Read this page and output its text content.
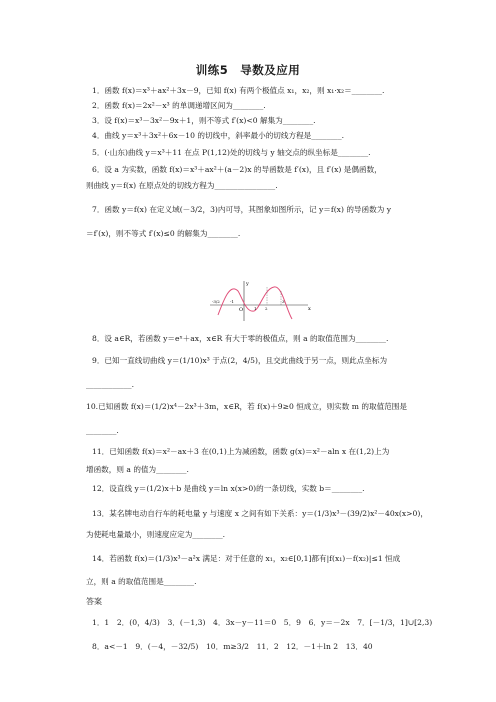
训练5　导数及应用
1．函数 f(x)＝x³＋ax²＋3x－9，已知 f(x) 有两个极值点 x₁，x₂，则 x₁·x₂＝________.
2．函数 f(x)＝2x²－x³ 的单调递增区间为________.
3．设 f(x)＝x³－3x²－9x＋1，则不等式 f′(x)<0 解集为________.
4．曲线 y＝x³＋3x²＋6x－10 的切线中，斜率最小的切线方程是________.
5．(·山东)曲线 y＝x³＋11 在点 P(1,12)处的切线与 y 轴交点的纵坐标是________.
6．设 a 为实数，函数 f(x)＝x³＋ax²＋(a－2)x 的导函数是 f′(x)，且 f′(x) 是偶函数，
则曲线 y＝f(x) 在原点处的切线方程为________________.
7．函数 y＝f(x) 在定义域(－3/2，3)内可导，其图象如图所示，记 y＝f(x) 的导函数为 y
＝f′(x)，则不等式 f′(x)≤0 的解集为________.
x
y
O
-3/2	-1
1 2
3
8．设 a∈R，若函数 y＝eˣ＋ax，x∈R 有大于零的极值点，则 a 的取值范围为________.
9．已知一直线切曲线 y＝(1/10)x³ 于点(2，4/5)，且交此曲线于另一点，则此点坐标为
____________.
10.已知函数 f(x)＝(1/2)x⁴－2x³＋3m，x∈R，若 f(x)＋9≥0 恒成立，则实数 m 的取值范围是
________.
11．已知函数 f(x)＝x²－ax＋3 在(0,1)上为减函数，函数 g(x)＝x²－aln x 在(1,2)上为
增函数，则 a 的值为________.
12．设直线 y＝(1/2)x＋b 是曲线 y＝ln x(x>0)的一条切线，实数 b＝________.
13．某名牌电动自行车的耗电量 y 与速度 x 之间有如下关系：y＝(1/3)x³－(39/2)x²－40x(x>0)，
为使耗电量最小，则速度应定为________.
14．若函数 f(x)＝(1/3)x³－a²x 满足：对于任意的 x₁，x₂∈[0,1]都有|f(x₁)－f(x₂)|≤1 恒成
立，则 a 的取值范围是________.
答案
1．1　2．(0，4/3)　3．(－1,3)　4．3x－y－11＝0　5．9　6．y＝－2x　7．[－1/3，1]∪[2,3)
8．a<－1　9．(－4，－32/5)　10．m≥3/2　11．2　12．－1＋ln 2　13．40
